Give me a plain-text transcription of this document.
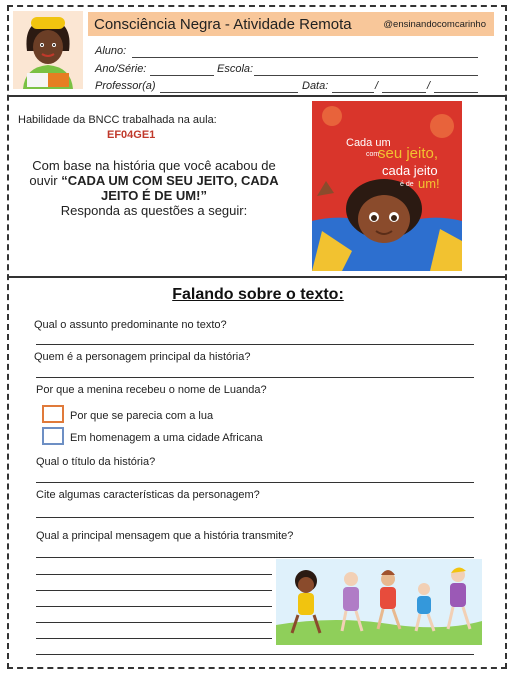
Consciência Negra - Atividade Remota	@ensinandocomcarinho
Aluno:
Ano/Série:	Escola:
Professor(a)	Data:	/	/
Habilidade da BNCC trabalhada na aula:
EF04GE1
Com base na história que você acabou de ouvir “CADA UM COM SEU JEITO, CADA JEITO É DE UM!”
Responda as questões a seguir:
Cada um
com
seu jeito,
cada jeito
é de um!
Falando sobre o texto:
Qual o assunto predominante no texto?
Quem é a personagem principal da história?
Por que a menina recebeu o nome de Luanda?
Por que se parecia com a lua
Em homenagem a uma cidade Africana
Qual o título da história?
Cite algumas características da personagem?
Qual a principal mensagem que a história transmite?
